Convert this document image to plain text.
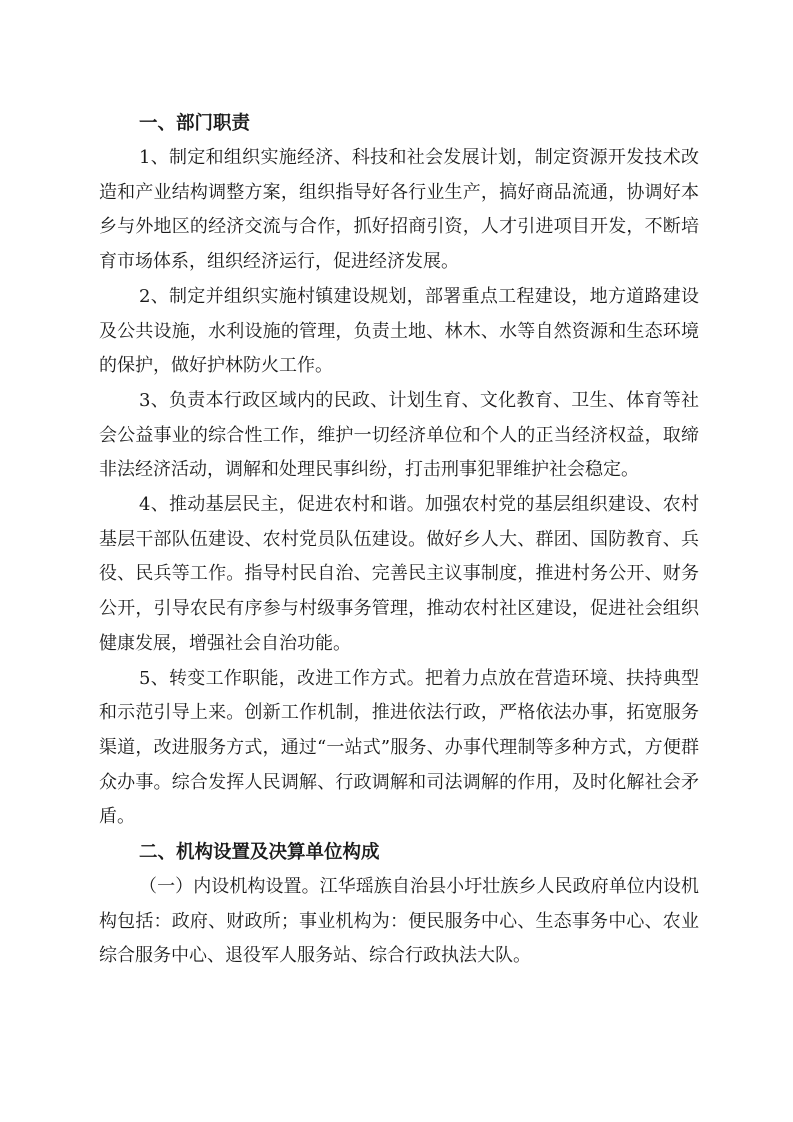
一、部门职责
1、制定和组织实施经济、科技和社会发展计划，制定资源开发技术改造和产业结构调整方案，组织指导好各行业生产，搞好商品流通，协调好本乡与外地区的经济交流与合作，抓好招商引资，人才引进项目开发，不断培育市场体系，组织经济运行，促进经济发展。
2、制定并组织实施村镇建设规划，部署重点工程建设，地方道路建设及公共设施，水利设施的管理，负责土地、林木、水等自然资源和生态环境的保护，做好护林防火工作。
3、负责本行政区域内的民政、计划生育、文化教育、卫生、体育等社会公益事业的综合性工作，维护一切经济单位和个人的正当经济权益，取缔非法经济活动，调解和处理民事纠纷，打击刑事犯罪维护社会稳定。
4、推动基层民主，促进农村和谐。加强农村党的基层组织建设、农村基层干部队伍建设、农村党员队伍建设。做好乡人大、群团、国防教育、兵役、民兵等工作。指导村民自治、完善民主议事制度，推进村务公开、财务公开，引导农民有序参与村级事务管理，推动农村社区建设，促进社会组织健康发展，增强社会自治功能。
5、转变工作职能，改进工作方式。把着力点放在营造环境、扶持典型和示范引导上来。创新工作机制，推进依法行政，严格依法办事，拓宽服务渠道，改进服务方式，通过“一站式”服务、办事代理制等多种方式，方便群众办事。综合发挥人民调解、行政调解和司法调解的作用，及时化解社会矛盾。
二、机构设置及决算单位构成
（一）内设机构设置。江华瑶族自治县小圩壮族乡人民政府单位内设机构包括：政府、财政所；事业机构为：便民服务中心、生态事务中心、农业综合服务中心、退役军人服务站、综合行政执法大队。
